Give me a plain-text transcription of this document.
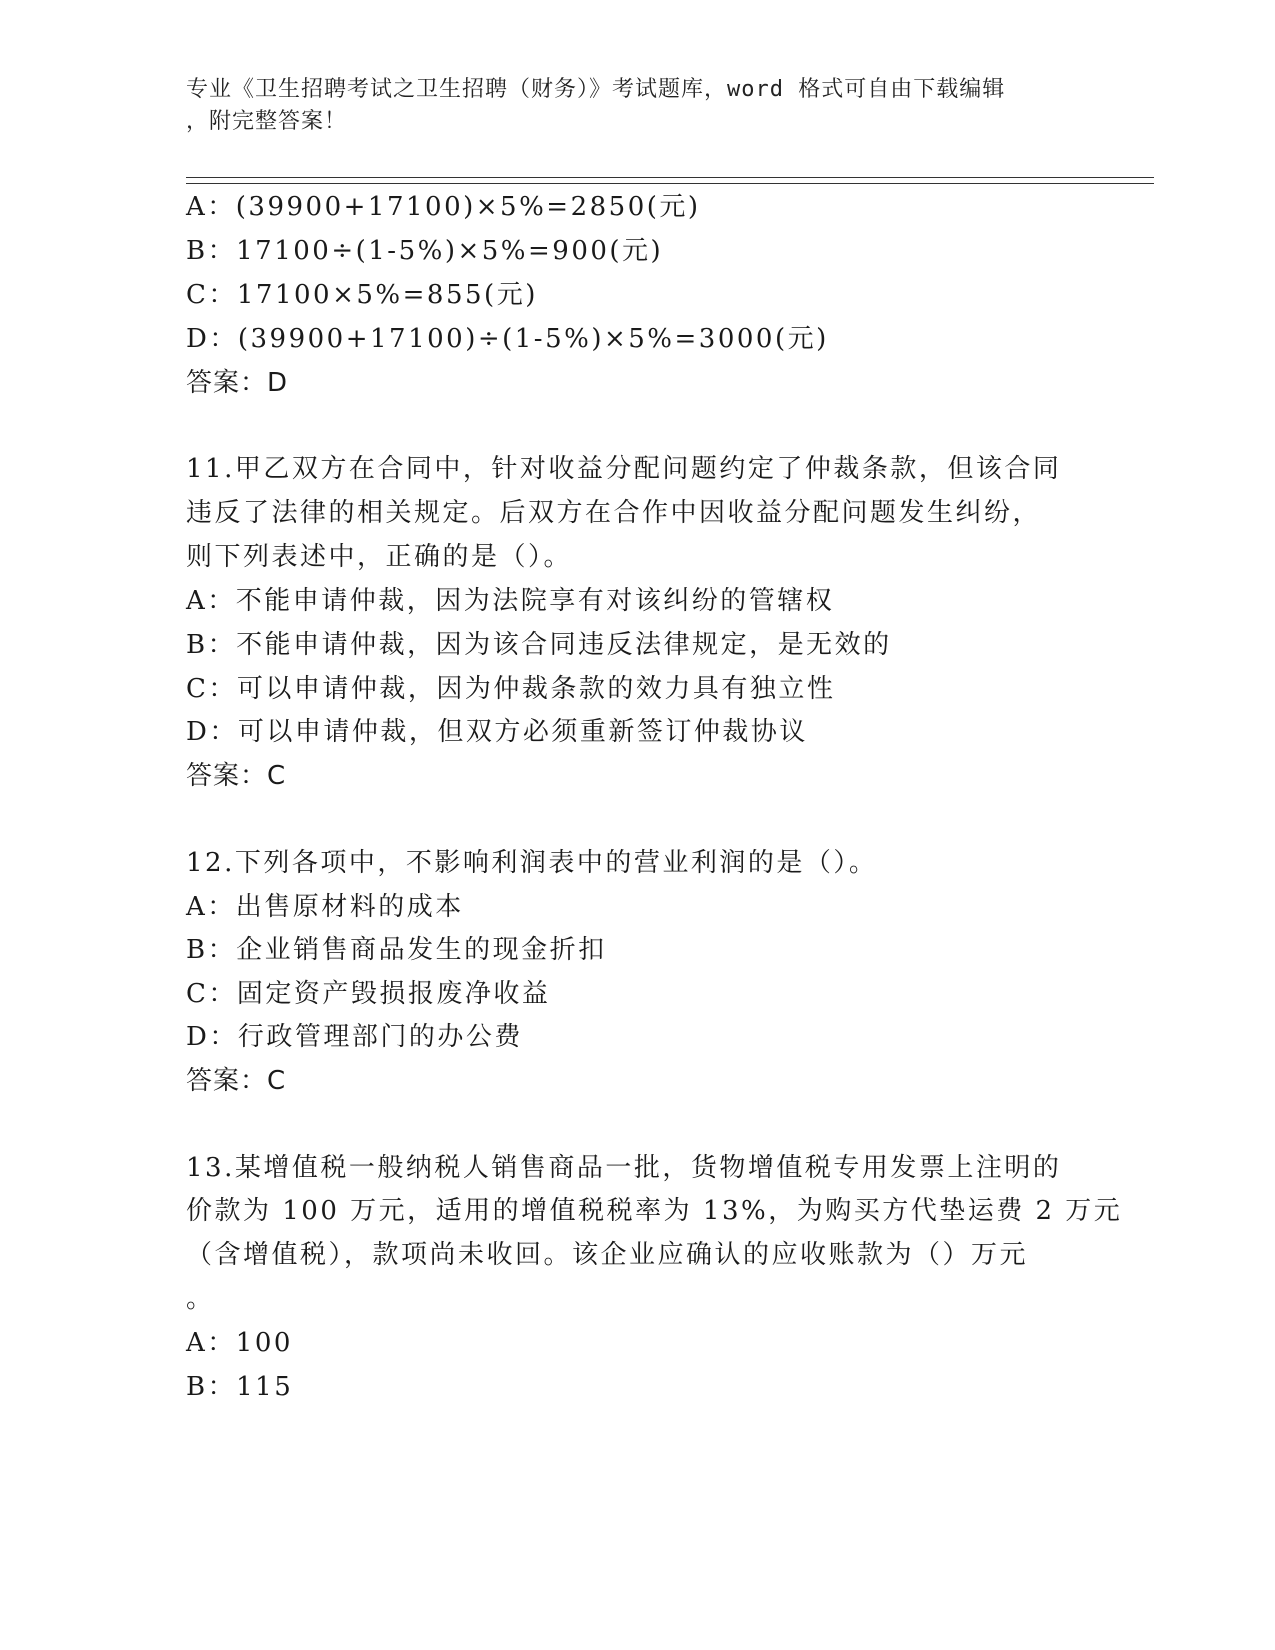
专业《卫生招聘考试之卫生招聘（财务）》考试题库，word 格式可自由下载编辑
，附完整答案！
A：(39900+17100)×5%=2850(元)
B：17100÷(1-5%)×5%=900(元)
C：17100×5%=855(元)
D：(39900+17100)÷(1-5%)×5%=3000(元)
答案：D
11.甲乙双方在合同中，针对收益分配问题约定了仲裁条款，但该合同
违反了法律的相关规定。后双方在合作中因收益分配问题发生纠纷，
则下列表述中，正确的是（）。
A：不能申请仲裁，因为法院享有对该纠纷的管辖权
B：不能申请仲裁，因为该合同违反法律规定，是无效的
C：可以申请仲裁，因为仲裁条款的效力具有独立性
D：可以申请仲裁，但双方必须重新签订仲裁协议
答案：C
12.下列各项中，不影响利润表中的营业利润的是（）。
A：出售原材料的成本
B：企业销售商品发生的现金折扣
C：固定资产毁损报废净收益
D：行政管理部门的办公费
答案：C
13.某增值税一般纳税人销售商品一批，货物增值税专用发票上注明的
价款为 100 万元，适用的增值税税率为 13%，为购买方代垫运费 2 万元
（含增值税），款项尚未收回。该企业应确认的应收账款为（）万元
。
A：100
B：115
